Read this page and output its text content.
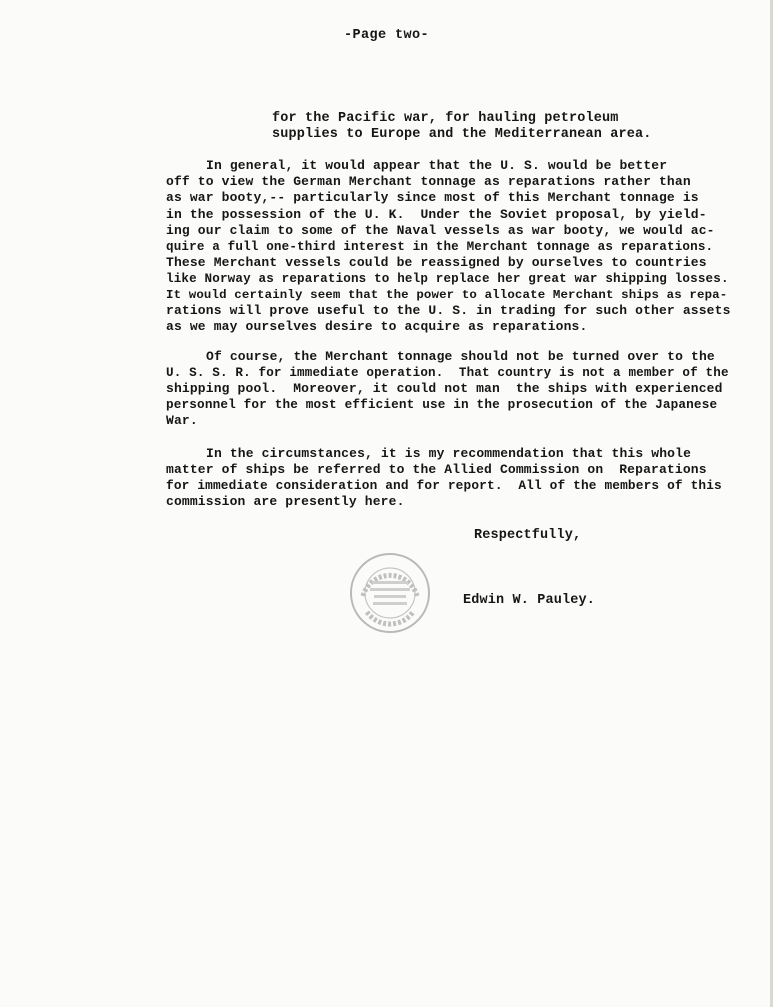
-Page two-
for the Pacific war, for hauling petroleum
supplies to Europe and the Mediterranean area.
In general, it would appear that the U. S. would be better
off to view the German Merchant tonnage as reparations rather than
as war booty,-- particularly since most of this Merchant tonnage is
in the possession of the U. K.  Under the Soviet proposal, by yield-
ing our claim to some of the Naval vessels as war booty, we would ac-
quire a full one-third interest in the Merchant tonnage as reparations.
These Merchant vessels could be reassigned by ourselves to countries
like Norway as reparations to help replace her great war shipping losses.
It would certainly seem that the power to allocate Merchant ships as repa-
rations will prove useful to the U. S. in trading for such other assets
as we may ourselves desire to acquire as reparations.
Of course, the Merchant tonnage should not be turned over to the
U. S. S. R. for immediate operation.  That country is not a member of the
shipping pool.  Moreover, it could not man  the ships with experienced
personnel for the most efficient use in the prosecution of the Japanese
War.
In the circumstances, it is my recommendation that this whole
matter of ships be referred to the Allied Commission on  Reparations
for immediate consideration and for report.  All of the members of this
commission are presently here.
Respectfully,
Edwin W. Pauley.
